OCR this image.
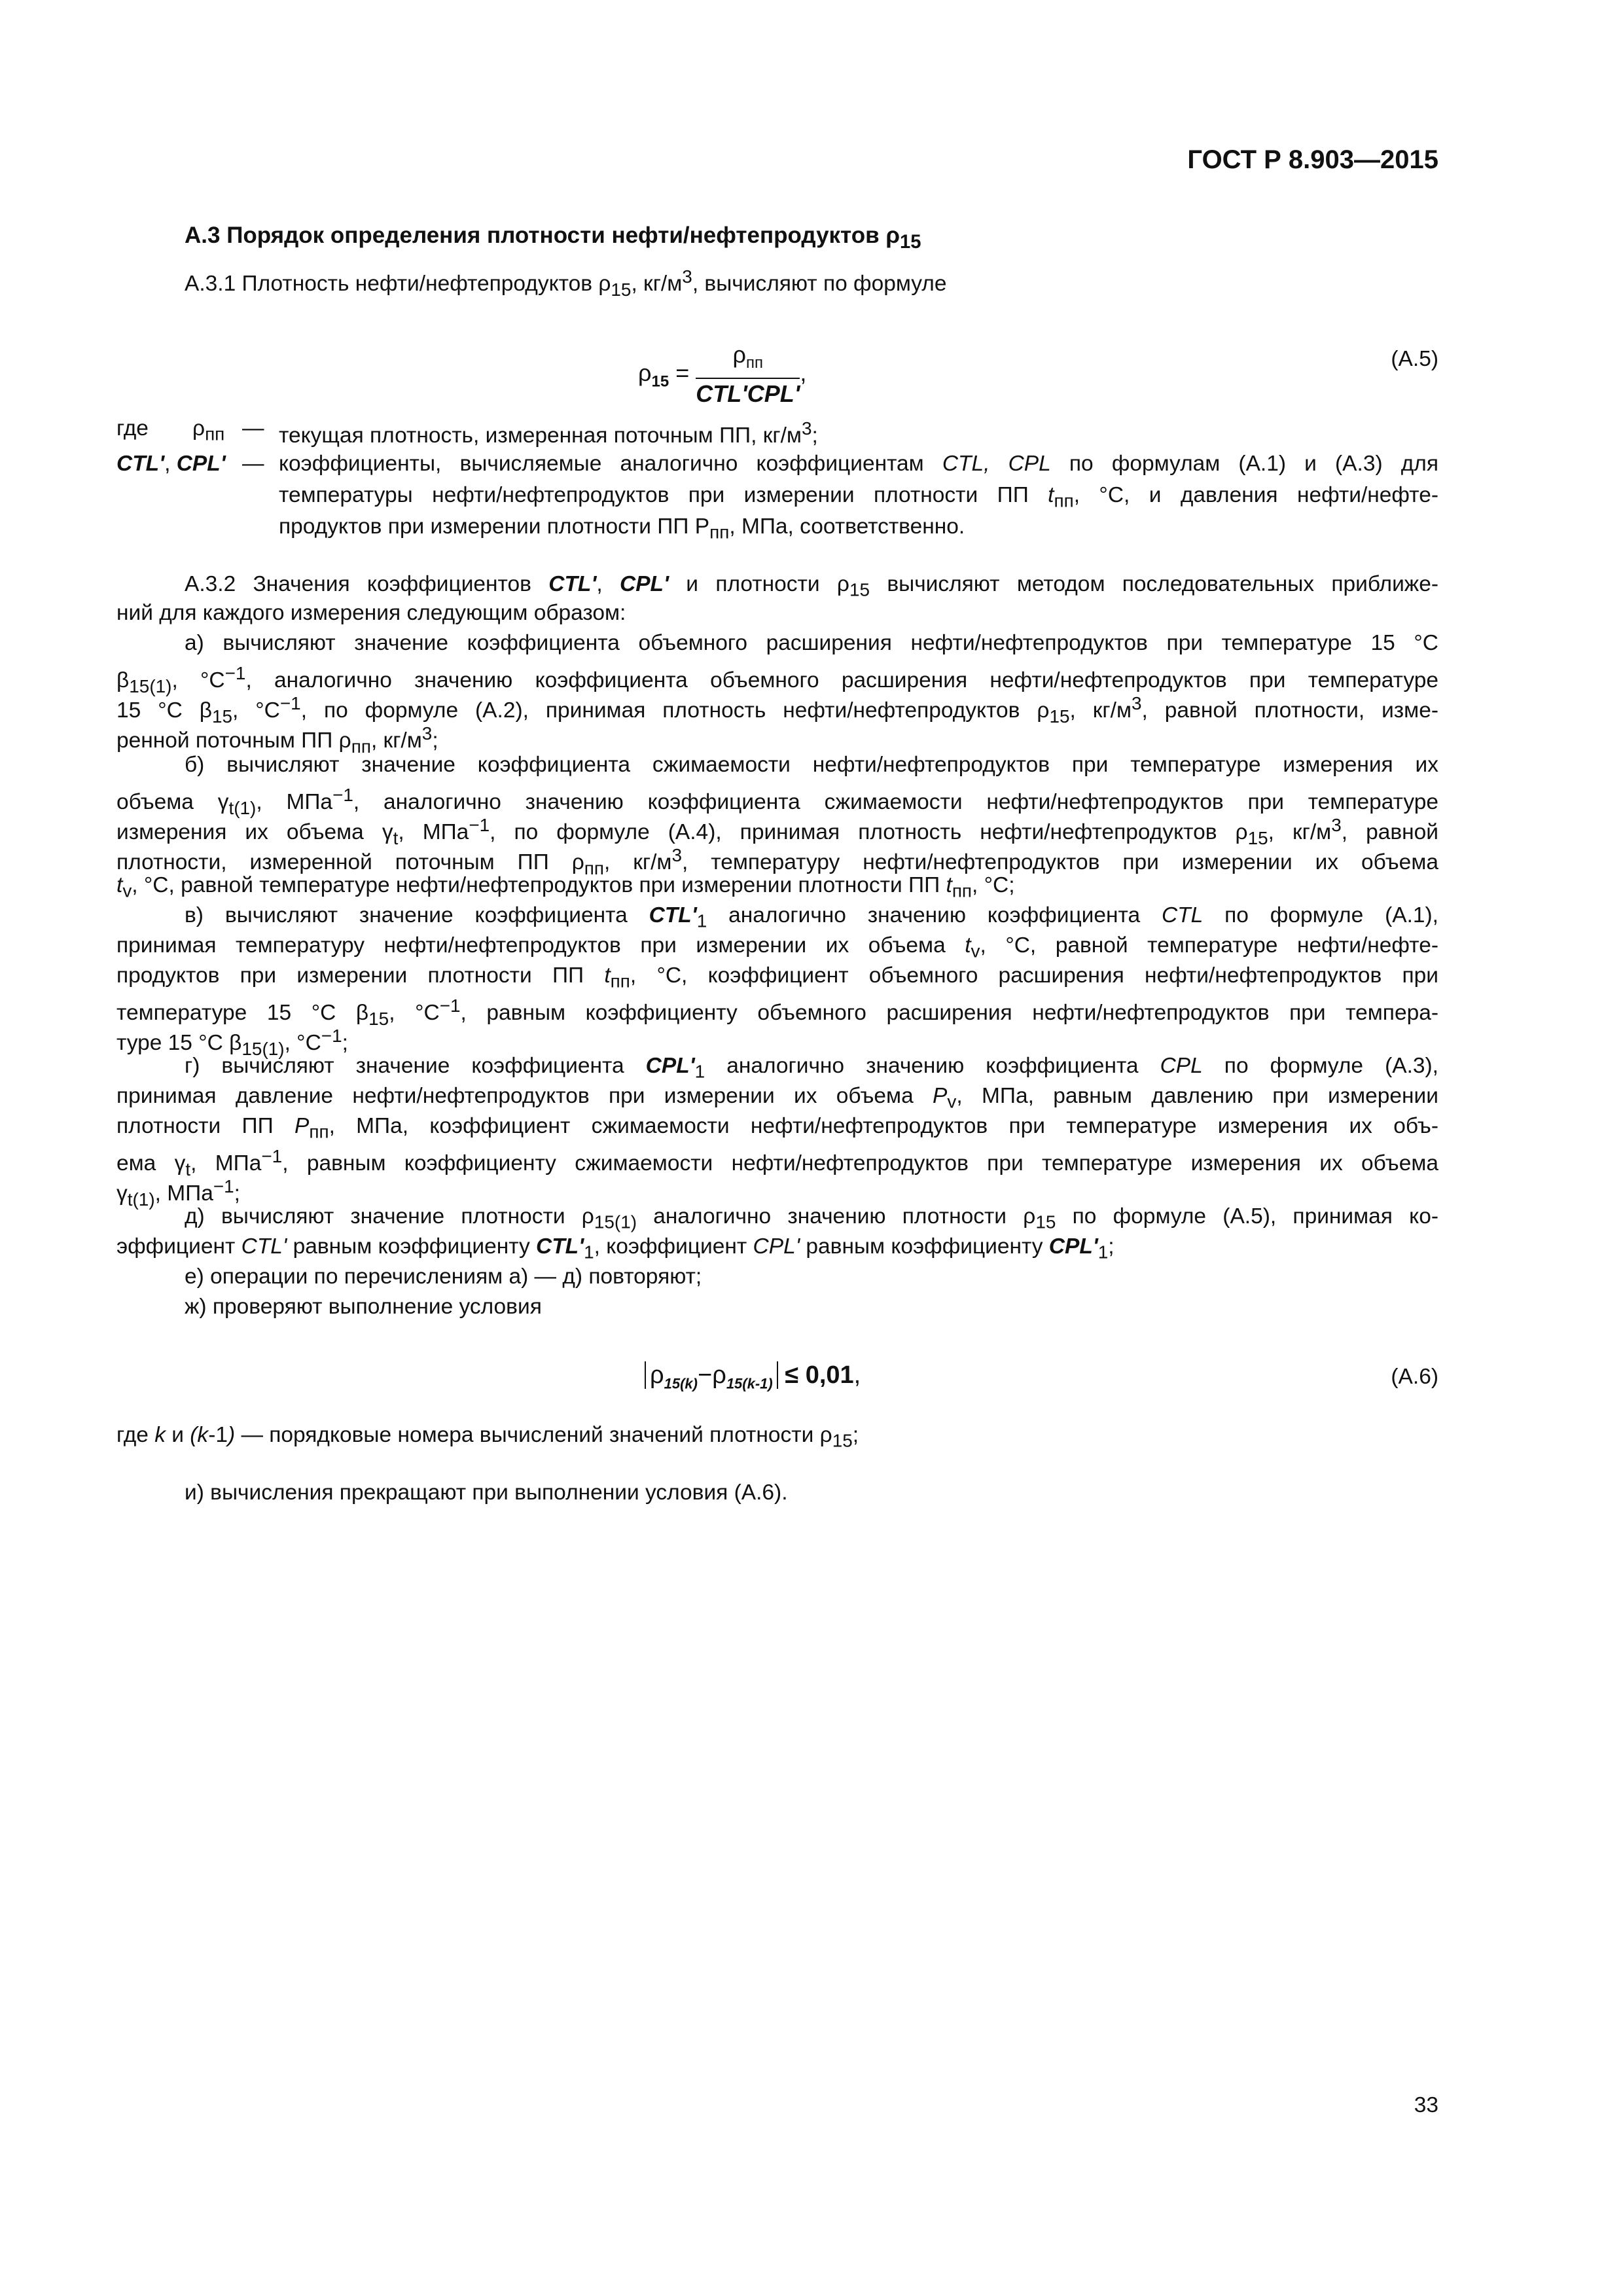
ГОСТ Р 8.903—2015
А.3 Порядок определения плотности нефти/нефтепродуктов $\rho_{15}$
А.3.1 Плотность нефти/нефтепродуктов $\rho_{15}$, $кг/м^3$, вычисляют по формуле
$\rho_{15} = \frac{\rho_{пп}}{\text{CTL'CPL'}}$ ,
(А.5)
где $\rho_{пп}$ — текущая плотность, измеренная поточным ПП, $кг/м^3$;
CTL', CPL' — коэффициенты, вычисляемые аналогично коэффициентам CTL, CPL по формулам (А.1) и (А.3) для
температуры нефти/нефтепродуктов при измерении плотности ПП $t_{пп}$, °С, и давления нефти/нефте-
продуктов при измерении плотности ПП $P_{пп}$, МПа, соответственно.
А.3.2 Значения коэффициентов CTL', CPL' и плотности $\rho_{15}$ вычисляют методом последовательных приближе-
ний для каждого измерения следующим образом:
а) вычисляют значение коэффициента объемного расширения нефти/нефтепродуктов при температуре 15 °С
$\beta_{15(1)}$, $^\circ С^{-1}$, аналогично значению коэффициента объемного расширения нефти/нефтепродуктов при температуре
15 °С $\beta_{15}$, $^\circ С^{-1}$, по формуле (А.2), принимая плотность нефти/нефтепродуктов $\rho_{15}$, $кг/м^3$, равной плотности, изме-
ренной поточным ПП $\rho_{пп}$, $кг/м^3$;
б) вычисляют значение коэффициента сжимаемости нефти/нефтепродуктов при температуре измерения их
объема $\gamma_{t(1)}$, МПа$^{-1}$, аналогично значению коэффициента сжимаемости нефти/нефтепродуктов при температуре
измерения их объема $\gamma_t$, МПа$^{-1}$, по формуле (А.4), принимая плотность нефти/нефтепродуктов $\rho_{15}$, $кг/м^3$, равной
плотности, измеренной поточным ПП $\rho_{пп}$, $кг/м^3$, температуру нефти/нефтепродуктов при измерении их объема
$t_v$, °С, равной температуре нефти/нефтепродуктов при измерении плотности ПП $t_{пп}$, °С;
в) вычисляют значение коэффициента $CTL'_1$ аналогично значению коэффициента CTL по формуле (А.1),
принимая температуру нефти/нефтепродуктов при измерении их объема $t_v$, °С, равной температуре нефти/нефте-
продуктов при измерении плотности ПП $t_{пп}$, °С, коэффициент объемного расширения нефти/нефтепродуктов при
температуре 15 °С $\beta_{15}$, $^\circ С^{-1}$, равным коэффициенту объемного расширения нефти/нефтепродуктов при темпера-
туре 15 °С $\beta_{15(1)}$, $^\circ С^{-1}$;
г) вычисляют значение коэффициента $CPL'_1$ аналогично значению коэффициента CPL по формуле (А.3),
принимая давление нефти/нефтепродуктов при измерении их объема $P_v$, МПа, равным давлению при измерении
плотности ПП $P_{пп}$, МПа, коэффициент сжимаемости нефти/нефтепродуктов при температуре измерения их объ-
ема $\gamma_t$, МПа$^{-1}$, равным коэффициенту сжимаемости нефти/нефтепродуктов при температуре измерения их объема
$\gamma_{t(1)}$, МПа$^{-1}$;
д) вычисляют значение плотности $\rho_{15(1)}$ аналогично значению плотности $\rho_{15}$ по формуле (А.5), принимая ко-
эффициент CTL' равным коэффициенту $CTL'_1$, коэффициент CPL' равным коэффициенту $CPL'_1$;
е) операции по перечислениям а) — д) повторяют;
ж) проверяют выполнение условия
$\rho_{15(k)}-\rho_{15(k-1)} \le 0,01$,	(А.6)
где k и (k-1) — порядковые номера вычислений значений плотности $\rho_{15}$;
и) вычисления прекращают при выполнении условия (А.6).
33
